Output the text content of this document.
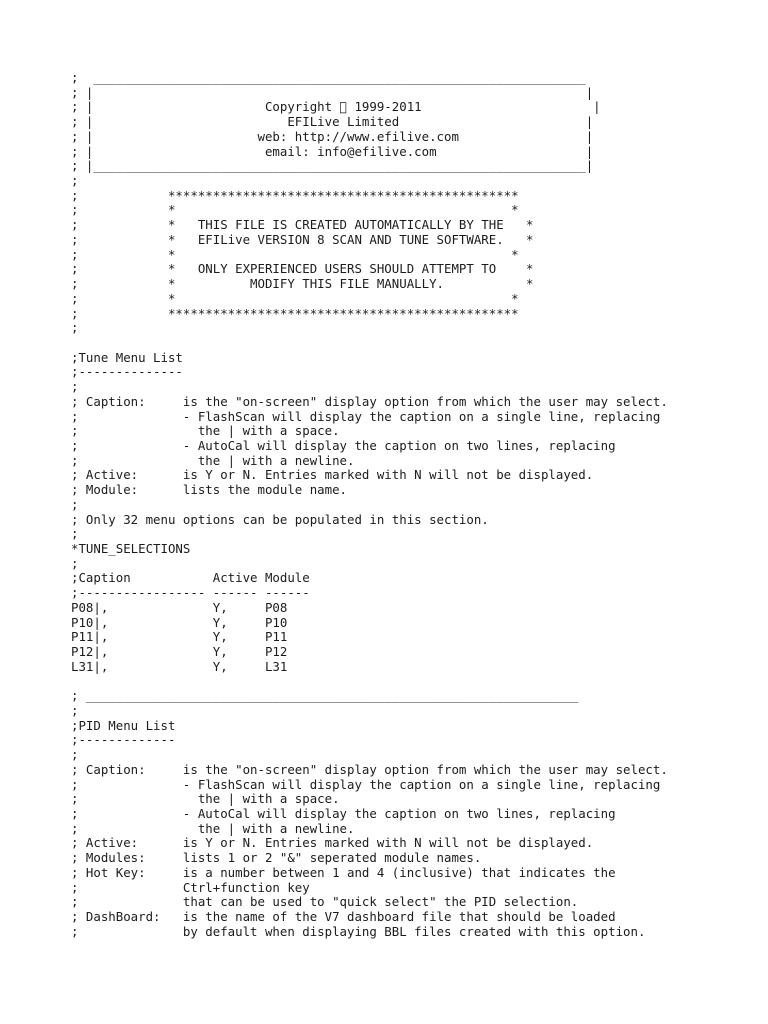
;  __________________________________________________________________
; |                                                                  |
; |                       Copyright   1999-2011                       |
; |                          EFILive Limited                         |
; |                      web: http://www.efilive.com                 |
; |                       email: info@efilive.com                    |
; |__________________________________________________________________|
;
;            ***********************************************
;            *                                             *
;            *   THIS FILE IS CREATED AUTOMATICALLY BY THE   *
;            *   EFILive VERSION 8 SCAN AND TUNE SOFTWARE.   *
;            *                                             *
;            *   ONLY EXPERIENCED USERS SHOULD ATTEMPT TO    *
;            *          MODIFY THIS FILE MANUALLY.           *
;            *                                             *
;            ***********************************************
;
;Tune Menu List
;--------------
;
; Caption:     is the "on-screen" display option from which the user may select.
;              - FlashScan will display the caption on a single line, replacing
;                the | with a space.
;              - AutoCal will display the caption on two lines, replacing
;                the | with a newline.
; Active:      is Y or N. Entries marked with N will not be displayed.
; Module:      lists the module name.
;
; Only 32 menu options can be populated in this section.
;
*TUNE_SELECTIONS
;
;Caption           Active Module
;----------------- ------ ------
P08|,              Y,     P08
P10|,              Y,     P10
P11|,              Y,     P11
P12|,              Y,     P12
L31|,              Y,     L31
; __________________________________________________________________
;
;PID Menu List
;-------------
;
; Caption:     is the "on-screen" display option from which the user may select.
;              - FlashScan will display the caption on a single line, replacing
;                the | with a space.
;              - AutoCal will display the caption on two lines, replacing
;                the | with a newline.
; Active:      is Y or N. Entries marked with N will not be displayed.
; Modules:     lists 1 or 2 "&" seperated module names.
; Hot Key:     is a number between 1 and 4 (inclusive) that indicates the
;              Ctrl+function key
;              that can be used to "quick select" the PID selection.
; DashBoard:   is the name of the V7 dashboard file that should be loaded
;              by default when displaying BBL files created with this option.
